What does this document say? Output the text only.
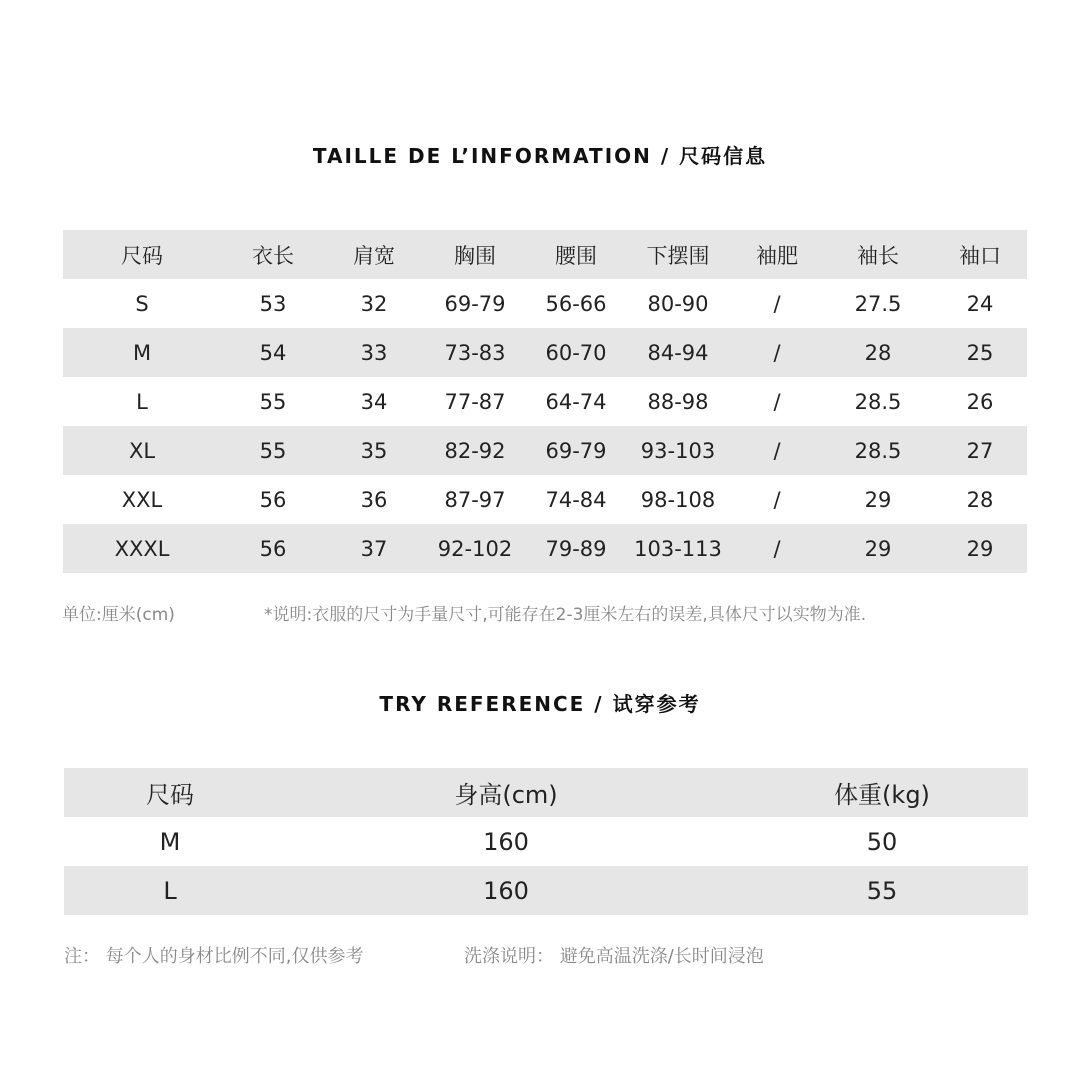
TAILLE DE L’INFORMATION / 尺码信息
尺码	衣长	肩宽	胸围	腰围	下摆围	袖肥	袖长	袖口
S	53	32	69-79	56-66	80-90	/	27.5	24
M	54	33	73-83	60-70	84-94	/	28	25
L	55	34	77-87	64-74	88-98	/	28.5	26
XL	55	35	82-92	69-79	93-103	/	28.5	27
XXL	56	36	87-97	74-84	98-108	/	29	28
XXXL	56	37	92-102	79-89	103-113	/	29	29
单位:厘米(cm)	*说明:衣服的尺寸为手量尺寸,可能存在2-3厘米左右的误差,具体尺寸以实物为准.
TRY REFERENCE / 试穿参考
尺码	身高(cm)	体重(kg)
M	160	50
L	160	55
注： 每个人的身材比例不同,仅供参考	洗涤说明： 避免高温洗涤/长时间浸泡
